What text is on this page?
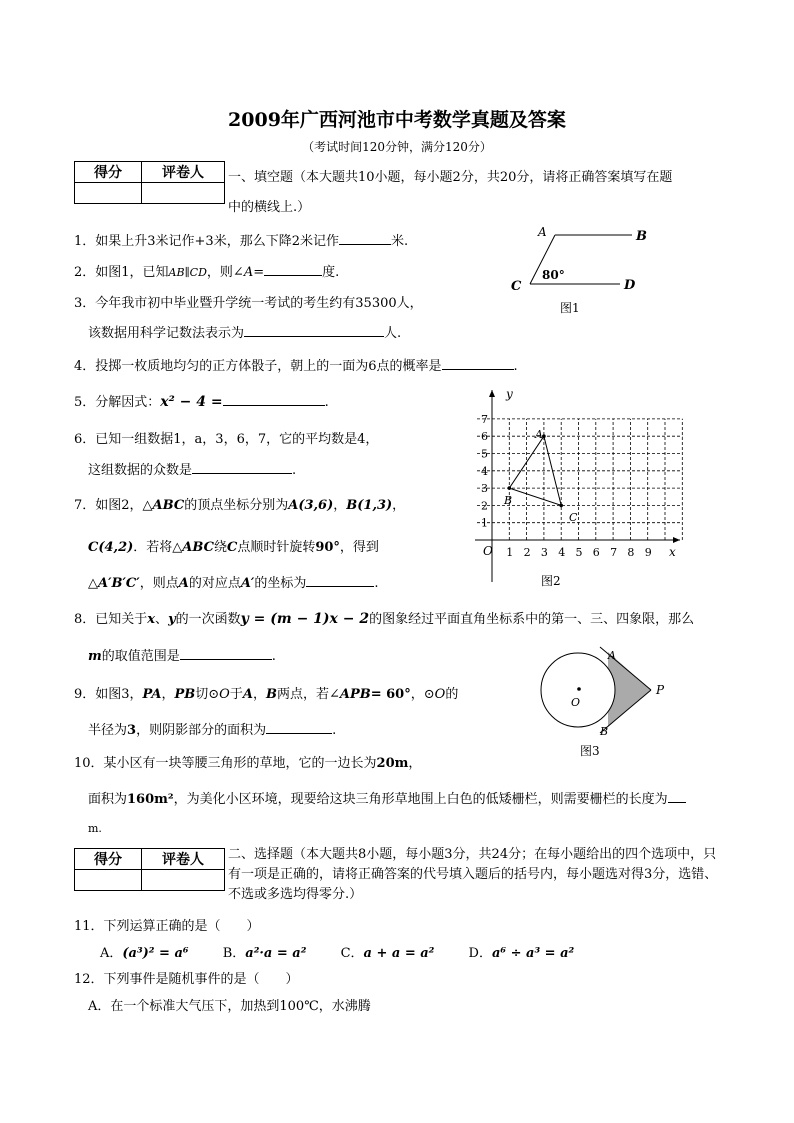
2009年广西河池市中考数学真题及答案
（考试时间120分钟，满分120分）
得分	评卷人
	一、填空题（本大题共10小题，每小题2分，共20分，请将正确答案填写在题
中的横线上.）
1．如果上升3米记作+3米，那么下降2米记作	米.
2．如图1，已知AB∥CD，则∠A=	度.
3．今年我市初中毕业暨升学统一考试的考生约有35300人，
该数据用科学记数法表示为	人.
4．投掷一枚质地均匀的正方体骰子，朝上的一面为6点的概率是	.
5．分解因式：x² − 4 =	.
6．已知一组数据1，a，3，6，7，它的平均数是4，
这组数据的众数是	.
7．如图2，△ABC的顶点坐标分别为A(3,6)，B(1,3)，
C(4,2)．若将△ABC绕C点顺时针旋转90°，得到
△A′B′C′，则点A的对应点A′的坐标为	.
8．已知关于x、y的一次函数y = (m − 1)x − 2的图象经过平面直角坐标系中的第一、三、四象限，那么
m的取值范围是	.
9．如图3，PA，PB切⊙O于A，B两点，若∠APB= 60°，⊙O的
半径为3，则阴影部分的面积为	.
10．某小区有一块等腰三角形的草地，它的一边长为20m，
面积为160m²，为美化小区环境，现要给这块三角形草地围上白色的低矮栅栏，则需要栅栏的长度为
m.
得分	评卷人
	二、选择题（本大题共8小题，每小题3分，共24分；在每小题给出的四个选项中，只有一项是正确的，请将正确答案的代号填入题后的括号内，每小题选对得3分，选错、不选或多选均得零分.）
11．下列运算正确的是（　　）
A．(a³)² = a⁶	B．a²·a = a²	C．a + a = a²	D．a⁶ ÷ a³ = a²
12．下列事件是随机事件的是（　　）
A．在一个标准大气压下，加热到100℃，水沸腾
A	B
C	D
80°
图1
1 2 3 4 5 6 7 8 9
1
2
3
4
5
6
7
y
x
O
A
B
C
图2
A
B
O
P
图3
